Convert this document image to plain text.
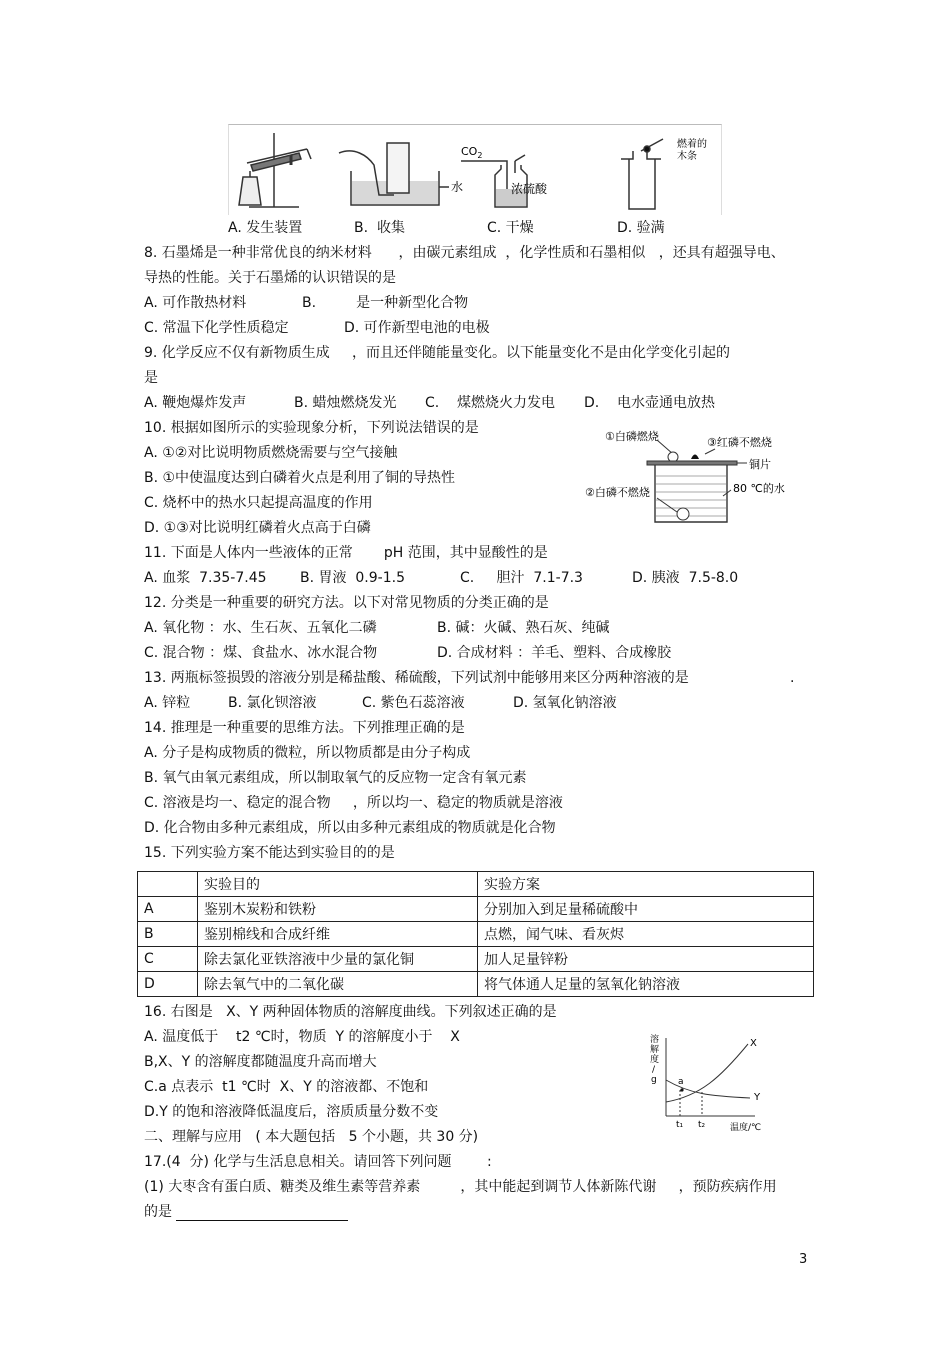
水
$CO_2$
浓硫酸
燃着的
木条
A. 发生装置	B.  收集	C. 干燥	D. 验满
8. 石墨烯是一种非常优良的纳米材料      ，由碳元素组成  ，化学性质和石墨相似   ，还具有超强导电、
导热的性能。关于石墨烯的认识错误的是
A. 可作散热材料	B.         是一种新型化合物
C. 常温下化学性质稳定	D. 可作新型电池的电极
9. 化学反应不仅有新物质生成     ，而且还伴随能量变化。以下能量变化不是由化学变化引起的
是
A. 鞭炮爆炸发声	B. 蜡烛燃烧发光 C.    煤燃烧火力发电 D.    电水壶通电放热
10. 根据如图所示的实验现象分析，下列说法错误的是
A. ①②对比说明物质燃烧需要与空气接触
B. ①中使温度达到白磷着火点是利用了铜的导热性
C. 烧杯中的热水只起提高温度的作用
D. ①③对比说明红磷着火点高于白磷
①白磷燃烧	③红磷不燃烧
铜片
②白磷不燃烧	80 ℃的水
11. 下面是人体内一些液体的正常       pH 范围，其中显酸性的是
A. 血浆  7.35-7.45 B. 胃液  0.9-1.5	C.     胆汁  7.1-7.3	D. 胰液  7.5-8.0
12. 分类是一种重要的研究方法。以下对常见物质的分类正确的是
A. 氧化物 ：水、生石灰、五氧化二磷	B. 碱：火碱、熟石灰、纯碱
C. 混合物 ：煤、食盐水、冰水混合物	D. 合成材料 ：羊毛、塑料、合成橡胶
13. 两瓶标签损毁的溶液分别是稀盐酸、稀硫酸，下列试剂中能够用来区分两种溶液的是	.
A. 锌粒	B. 氯化钡溶液	C. 紫色石蕊溶液	D. 氢氧化钠溶液
14. 推理是一种重要的思维方法。下列推理正确的是
A. 分子是构成物质的微粒，所以物质都是由分子构成
B. 氧气由氧元素组成，所以制取氧气的反应物一定含有氧元素
C. 溶液是均一、稳定的混合物     ，所以均一、稳定的物质就是溶液
D. 化合物由多种元素组成，所以由多种元素组成的物质就是化合物
15. 下列实验方案不能达到实验目的的是
	实验目的	实验方案
A	鉴别木炭粉和铁粉	分别加入到足量稀硫酸中
B	鉴别棉线和合成纤维	点燃，闻气味、看灰烬
C	除去氯化亚铁溶液中少量的氯化铜	加人足量锌粉
D	除去氧气中的二氧化碳	将气体通人足量的氢氧化钠溶液
16. 右图是   X、Y 两种固体物质的溶解度曲线。下列叙述正确的是
A. 温度低于    t2 ℃时，物质  Y 的溶解度小于    X
B,X、Y 的溶解度都随温度升高而增大
C.a 点表示  t1 ℃时  X、Y 的溶液都、不饱和
D.Y 的饱和溶液降低温度后，溶质质量分数不变
溶
解
度
/
g
X
Y
a
t₁ t₂	温度/℃
二、理解与应用   ( 本大题包括   5 个小题，共 30 分)
17.(4  分) 化学与生活息息相关。请回答下列问题        :
(1) 大枣含有蛋白质、糖类及维生素等营养素         ，其中能起到调节人体新陈代谢     ，预防疾病作用
的是
3
